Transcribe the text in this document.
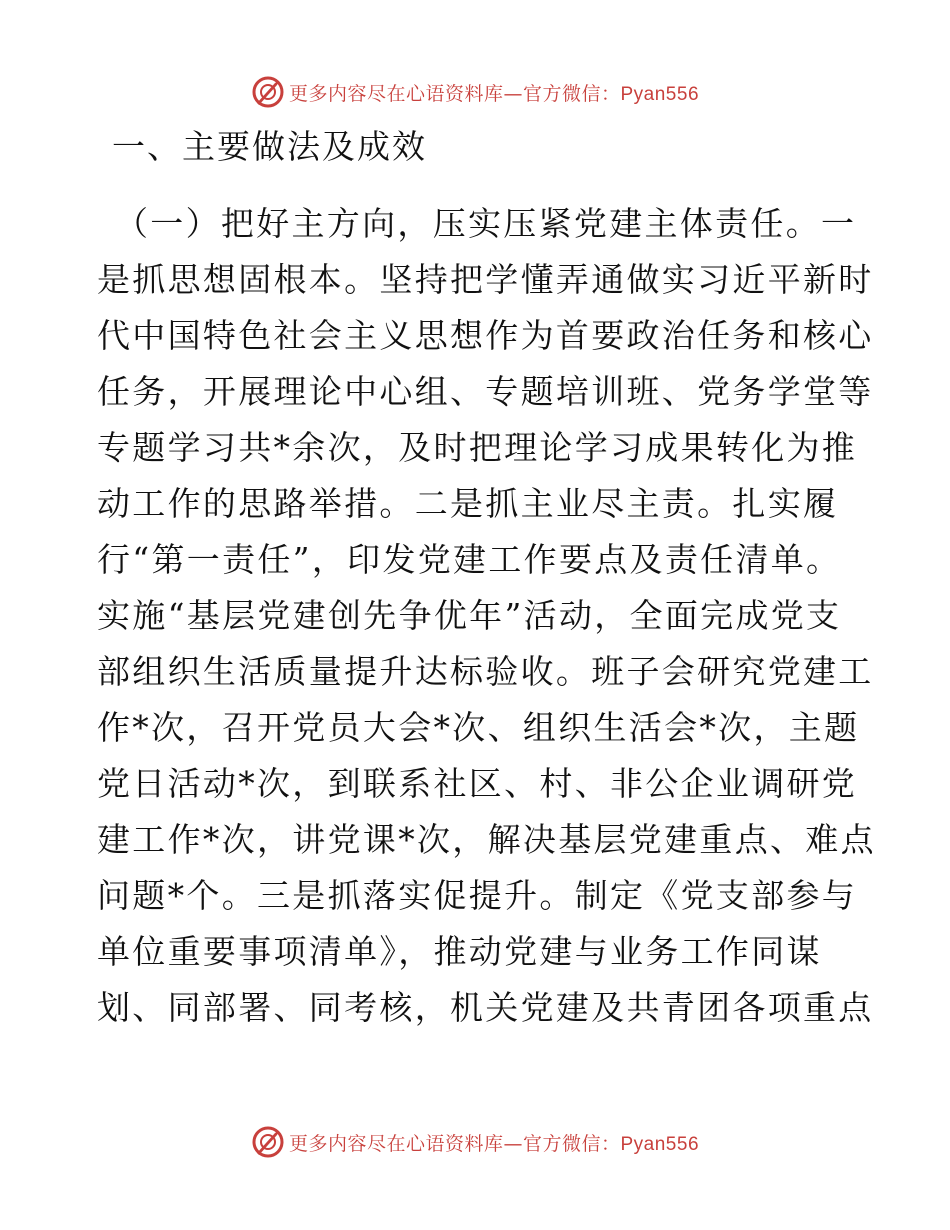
更多内容尽在心语资料库—官方微信：Pyan556
一、主要做法及成效
（一）把好主方向，压实压紧党建主体责任。一
是抓思想固根本。坚持把学懂弄通做实习近平新时
代中国特色社会主义思想作为首要政治任务和核心
任务，开展理论中心组、专题培训班、党务学堂等
专题学习共*余次，及时把理论学习成果转化为推
动工作的思路举措。二是抓主业尽主责。扎实履
行“第一责任”，印发党建工作要点及责任清单。
实施“基层党建创先争优年”活动，全面完成党支
部组织生活质量提升达标验收。班子会研究党建工
作*次，召开党员大会*次、组织生活会*次，主题
党日活动*次，到联系社区、村、非公企业调研党
建工作*次，讲党课*次，解决基层党建重点、难点
问题*个。三是抓落实促提升。制定《党支部参与
单位重要事项清单》，推动党建与业务工作同谋
划、同部署、同考核，机关党建及共青团各项重点
更多内容尽在心语资料库—官方微信：Pyan556
